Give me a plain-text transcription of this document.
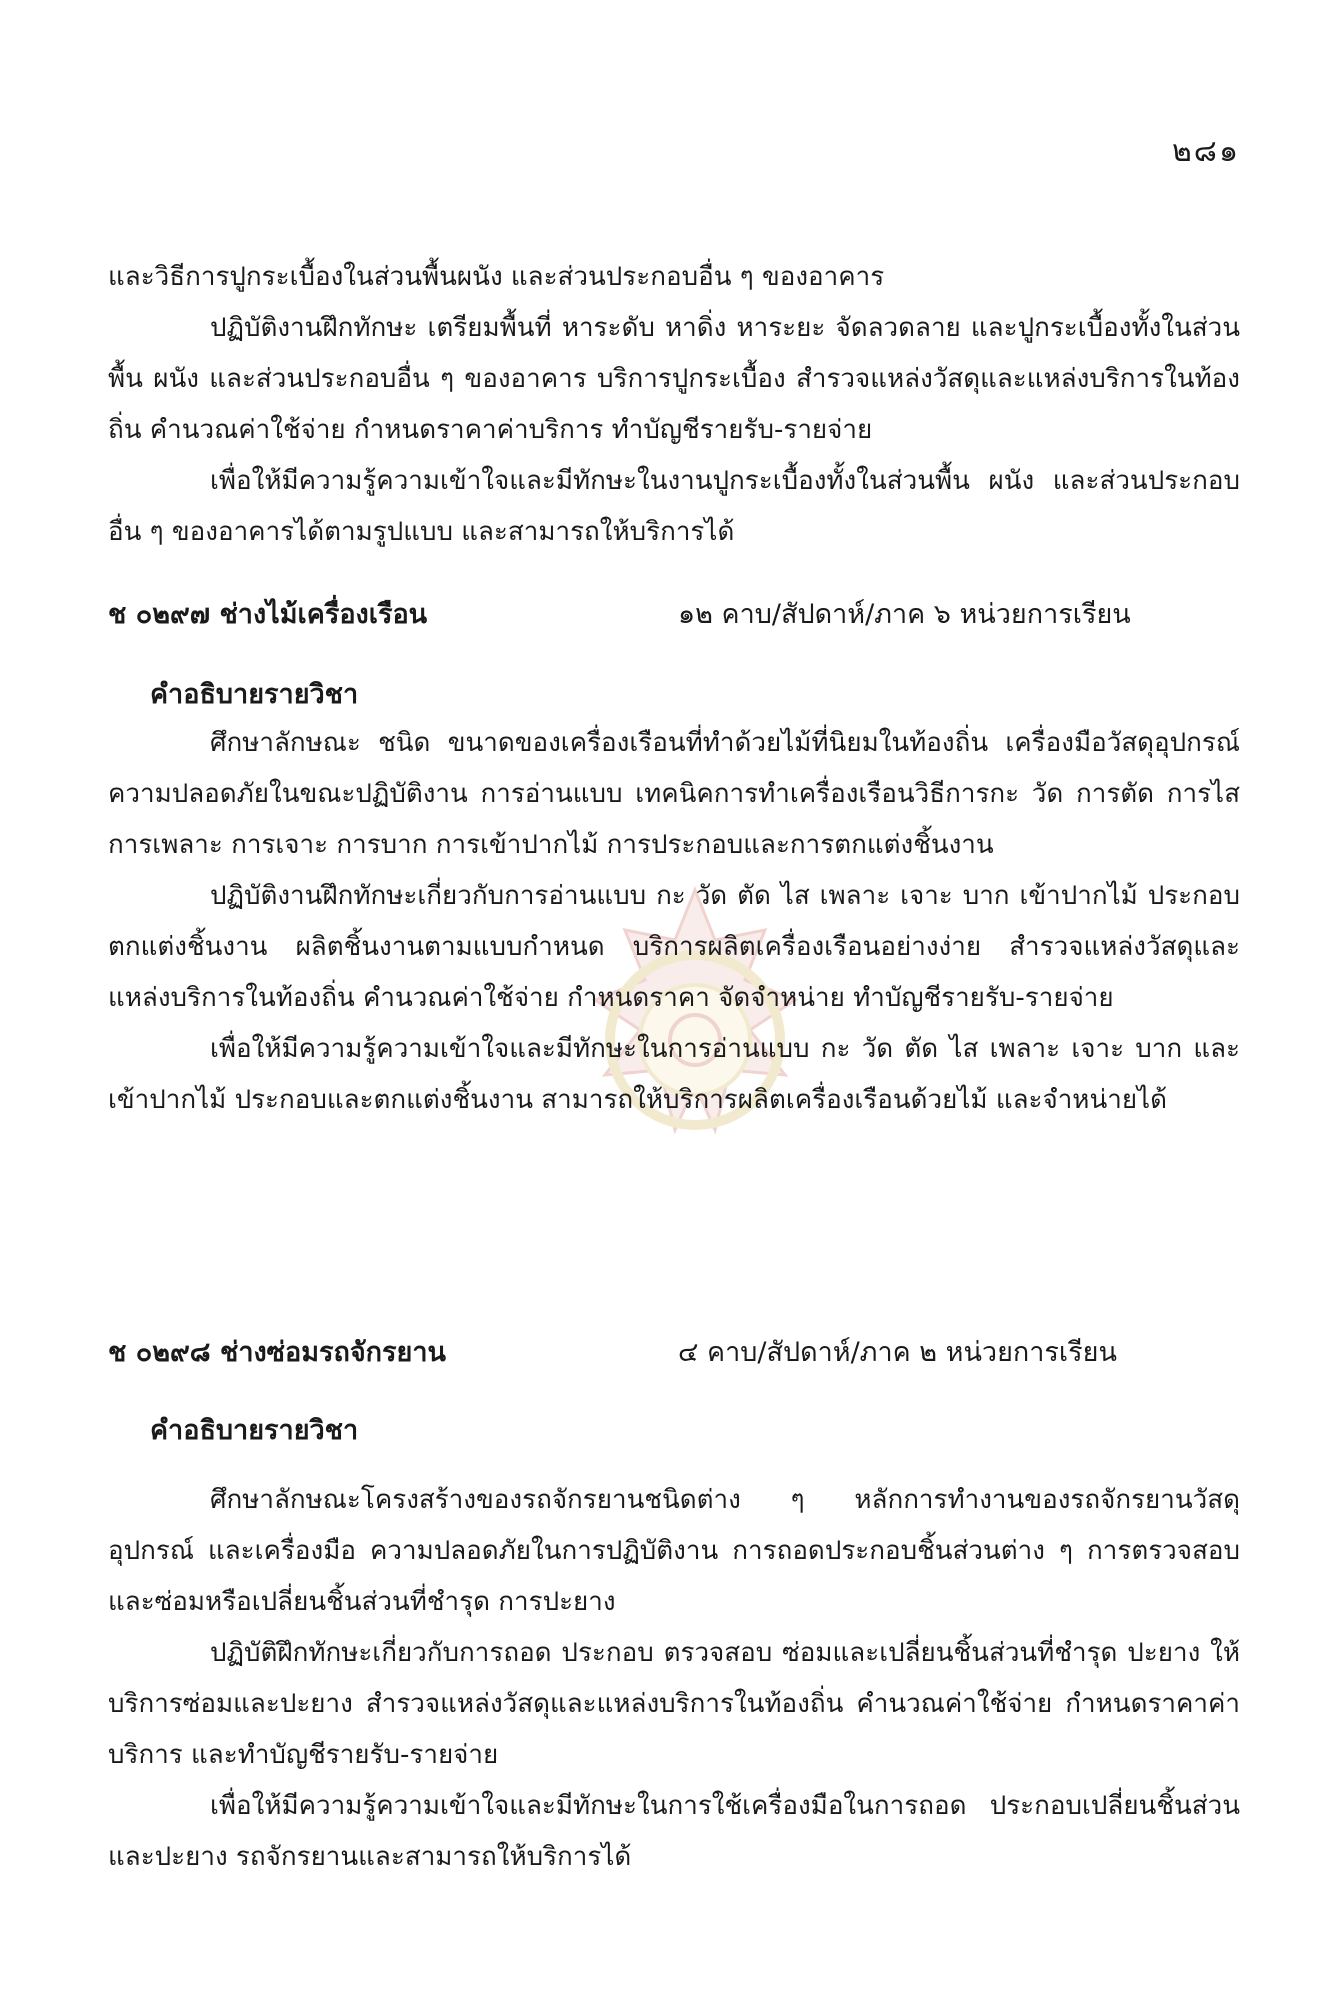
๒๘๑

และวิธีการปูกระเบื้องในส่วนพื้นผนัง และส่วนประกอบอื่น ๆ ของอาคาร

ปฏิบัติงานฝึกทักษะ เตรียมพื้นที่ หาระดับ หาดิ่ง หาระยะ จัดลวดลาย และปูกระเบื้องทั้งในส่วนพื้น ผนัง และส่วนประกอบอื่น ๆ ของอาคาร บริการปูกระเบื้อง สำรวจแหล่งวัสดุและแหล่งบริการในท้องถิ่น คำนวณค่าใช้จ่าย กำหนดราคาค่าบริการ ทำบัญชีรายรับ-รายจ่าย

เพื่อให้มีความรู้ความเข้าใจและมีทักษะในงานปูกระเบื้องทั้งในส่วนพื้น ผนัง และส่วนประกอบอื่น ๆ ของอาคารได้ตามรูปแบบ และสามารถให้บริการได้

ช ๐๒๙๗ ช่างไม้เครื่องเรือน	๑๒ คาบ/สัปดาห์/ภาค ๖ หน่วยการเรียน
คำอธิบายรายวิชา

ศึกษาลักษณะ ชนิด ขนาดของเครื่องเรือนที่ทำด้วยไม้ที่นิยมในท้องถิ่น เครื่องมือวัสดุอุปกรณ์ ความปลอดภัยในขณะปฏิบัติงาน การอ่านแบบ เทคนิคการทำเครื่องเรือนวิธีการกะ วัด การตัด การไส การเพลาะ การเจาะ การบาก การเข้าปากไม้ การประกอบและการตกแต่งชิ้นงาน

ปฏิบัติงานฝึกทักษะเกี่ยวกับการอ่านแบบ กะ วัด ตัด ไส เพลาะ เจาะ บาก เข้าปากไม้ ประกอบตกแต่งชิ้นงาน ผลิตชิ้นงานตามแบบกำหนด บริการผลิตเครื่องเรือนอย่างง่าย สำรวจแหล่งวัสดุและแหล่งบริการในท้องถิ่น คำนวณค่าใช้จ่าย กำหนดราคา จัดจำหน่าย ทำบัญชีรายรับ-รายจ่าย

เพื่อให้มีความรู้ความเข้าใจและมีทักษะในการอ่านแบบ กะ วัด ตัด ไส เพลาะ เจาะ บาก และเข้าปากไม้ ประกอบและตกแต่งชิ้นงาน สามารถให้บริการผลิตเครื่องเรือนด้วยไม้ และจำหน่ายได้

ช ๐๒๙๘ ช่างซ่อมรถจักรยาน	๔ คาบ/สัปดาห์/ภาค ๒ หน่วยการเรียน
คำอธิบายรายวิชา

ศึกษาลักษณะโครงสร้างของรถจักรยานชนิดต่าง ๆ หลักการทำงานของรถจักรยานวัสดุอุปกรณ์ และเครื่องมือ ความปลอดภัยในการปฏิบัติงาน การถอดประกอบชิ้นส่วนต่าง ๆ การตรวจสอบและซ่อมหรือเปลี่ยนชิ้นส่วนที่ชำรุด การปะยาง

ปฏิบัติฝึกทักษะเกี่ยวกับการถอด ประกอบ ตรวจสอบ ซ่อมและเปลี่ยนชิ้นส่วนที่ชำรุด ปะยาง ให้บริการซ่อมและปะยาง สำรวจแหล่งวัสดุและแหล่งบริการในท้องถิ่น คำนวณค่าใช้จ่าย กำหนดราคาค่าบริการ และทำบัญชีรายรับ-รายจ่าย

เพื่อให้มีความรู้ความเข้าใจและมีทักษะในการใช้เครื่องมือในการถอด ประกอบเปลี่ยนชิ้นส่วนและปะยาง รถจักรยานและสามารถให้บริการได้
